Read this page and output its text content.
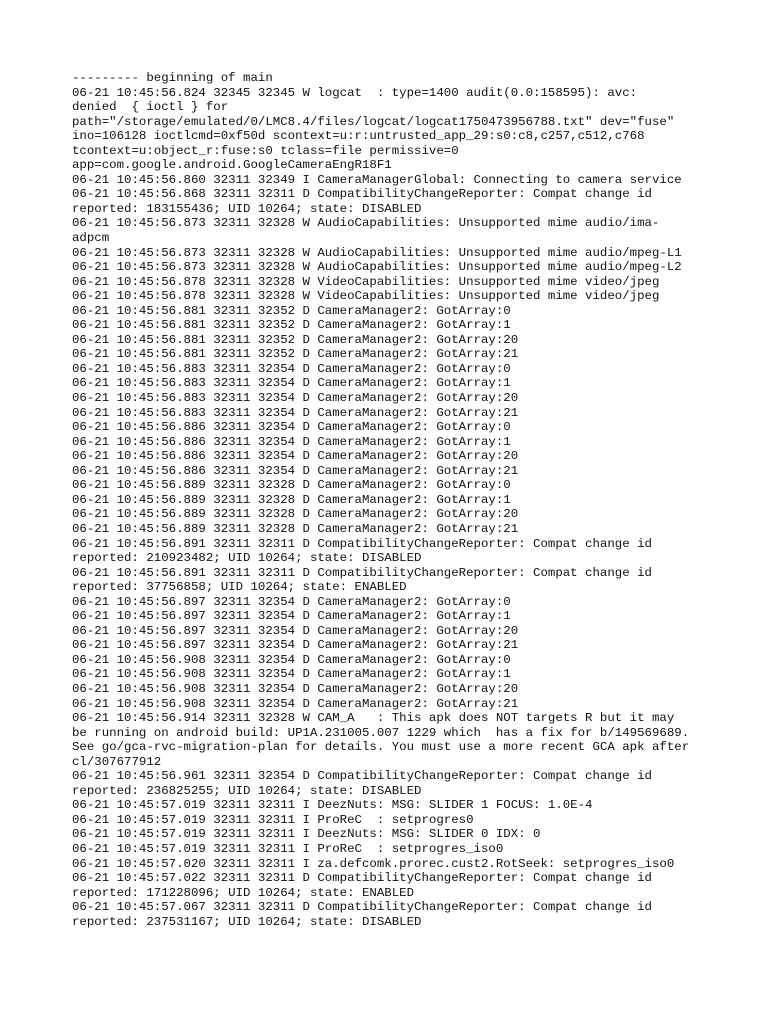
--------- beginning of main
06-21 10:45:56.824 32345 32345 W logcat  : type=1400 audit(0.0:158595): avc:
denied  { ioctl } for
path="/storage/emulated/0/LMC8.4/files/logcat/logcat1750473956788.txt" dev="fuse"
ino=106128 ioctlcmd=0xf50d scontext=u:r:untrusted_app_29:s0:c8,c257,c512,c768
tcontext=u:object_r:fuse:s0 tclass=file permissive=0
app=com.google.android.GoogleCameraEngR18F1
06-21 10:45:56.860 32311 32349 I CameraManagerGlobal: Connecting to camera service
06-21 10:45:56.868 32311 32311 D CompatibilityChangeReporter: Compat change id
reported: 183155436; UID 10264; state: DISABLED
06-21 10:45:56.873 32311 32328 W AudioCapabilities: Unsupported mime audio/ima-
adpcm
06-21 10:45:56.873 32311 32328 W AudioCapabilities: Unsupported mime audio/mpeg-L1
06-21 10:45:56.873 32311 32328 W AudioCapabilities: Unsupported mime audio/mpeg-L2
06-21 10:45:56.878 32311 32328 W VideoCapabilities: Unsupported mime video/jpeg
06-21 10:45:56.878 32311 32328 W VideoCapabilities: Unsupported mime video/jpeg
06-21 10:45:56.881 32311 32352 D CameraManager2: GotArray:0
06-21 10:45:56.881 32311 32352 D CameraManager2: GotArray:1
06-21 10:45:56.881 32311 32352 D CameraManager2: GotArray:20
06-21 10:45:56.881 32311 32352 D CameraManager2: GotArray:21
06-21 10:45:56.883 32311 32354 D CameraManager2: GotArray:0
06-21 10:45:56.883 32311 32354 D CameraManager2: GotArray:1
06-21 10:45:56.883 32311 32354 D CameraManager2: GotArray:20
06-21 10:45:56.883 32311 32354 D CameraManager2: GotArray:21
06-21 10:45:56.886 32311 32354 D CameraManager2: GotArray:0
06-21 10:45:56.886 32311 32354 D CameraManager2: GotArray:1
06-21 10:45:56.886 32311 32354 D CameraManager2: GotArray:20
06-21 10:45:56.886 32311 32354 D CameraManager2: GotArray:21
06-21 10:45:56.889 32311 32328 D CameraManager2: GotArray:0
06-21 10:45:56.889 32311 32328 D CameraManager2: GotArray:1
06-21 10:45:56.889 32311 32328 D CameraManager2: GotArray:20
06-21 10:45:56.889 32311 32328 D CameraManager2: GotArray:21
06-21 10:45:56.891 32311 32311 D CompatibilityChangeReporter: Compat change id
reported: 210923482; UID 10264; state: DISABLED
06-21 10:45:56.891 32311 32311 D CompatibilityChangeReporter: Compat change id
reported: 37756858; UID 10264; state: ENABLED
06-21 10:45:56.897 32311 32354 D CameraManager2: GotArray:0
06-21 10:45:56.897 32311 32354 D CameraManager2: GotArray:1
06-21 10:45:56.897 32311 32354 D CameraManager2: GotArray:20
06-21 10:45:56.897 32311 32354 D CameraManager2: GotArray:21
06-21 10:45:56.908 32311 32354 D CameraManager2: GotArray:0
06-21 10:45:56.908 32311 32354 D CameraManager2: GotArray:1
06-21 10:45:56.908 32311 32354 D CameraManager2: GotArray:20
06-21 10:45:56.908 32311 32354 D CameraManager2: GotArray:21
06-21 10:45:56.914 32311 32328 W CAM_A   : This apk does NOT targets R but it may
be running on android build: UP1A.231005.007 1229 which  has a fix for b/149569689.
See go/gca-rvc-migration-plan for details. You must use a more recent GCA apk after
cl/307677912
06-21 10:45:56.961 32311 32354 D CompatibilityChangeReporter: Compat change id
reported: 236825255; UID 10264; state: DISABLED
06-21 10:45:57.019 32311 32311 I DeezNuts: MSG: SLIDER 1 FOCUS: 1.0E-4
06-21 10:45:57.019 32311 32311 I ProReC  : setprogres0
06-21 10:45:57.019 32311 32311 I DeezNuts: MSG: SLIDER 0 IDX: 0
06-21 10:45:57.019 32311 32311 I ProReC  : setprogres_iso0
06-21 10:45:57.020 32311 32311 I za.defcomk.prorec.cust2.RotSeek: setprogres_iso0
06-21 10:45:57.022 32311 32311 D CompatibilityChangeReporter: Compat change id
reported: 171228096; UID 10264; state: ENABLED
06-21 10:45:57.067 32311 32311 D CompatibilityChangeReporter: Compat change id
reported: 237531167; UID 10264; state: DISABLED
